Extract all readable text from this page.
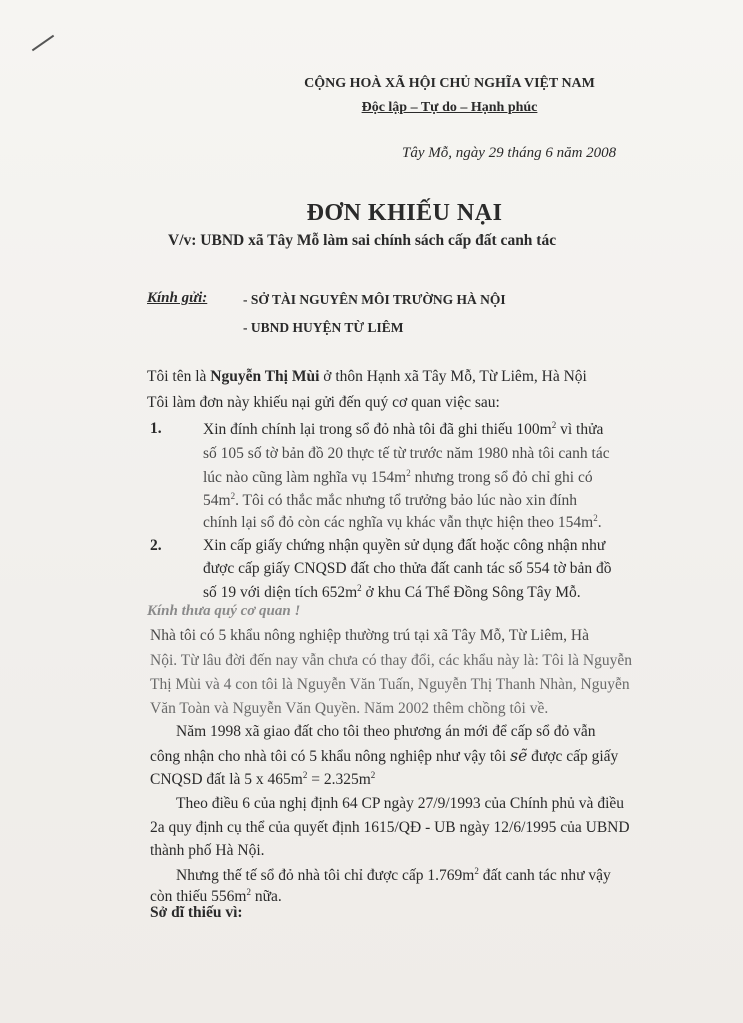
CỘNG HOÀ XÃ HỘI CHỦ NGHĨA VIỆT NAM
Độc lập – Tự do – Hạnh phúc
Tây Mỗ, ngày 29 tháng 6 năm 2008
ĐƠN KHIẾU NẠI
V/v: UBND xã Tây Mỗ làm sai chính sách cấp đất canh tác
Kính gửi:	- SỞ TÀI NGUYÊN MÔI TRƯỜNG HÀ NỘI
- UBND HUYỆN TỪ LIÊM
Tôi tên là Nguyễn Thị Mùi ở thôn Hạnh xã Tây Mỗ, Từ Liêm, Hà Nội
Tôi làm đơn này khiếu nại gửi đến quý cơ quan việc sau:
1.	Xin đính chính lại trong sổ đỏ nhà tôi đã ghi thiếu $100m^2$ vì thửa
số 105 số tờ bản đồ 20 thực tế từ trước năm 1980 nhà tôi canh tác
lúc nào cũng làm nghĩa vụ $154m^2$ nhưng trong sổ đỏ chỉ ghi có
$54m^2$. Tôi có thắc mắc nhưng tổ trưởng bảo lúc nào xin đính
chính lại sổ đỏ còn các nghĩa vụ khác vẫn thực hiện theo $154m^2$.
2.	Xin cấp giấy chứng nhận quyền sử dụng đất hoặc công nhận như
được cấp giấy CNQSD đất cho thửa đất canh tác số 554 tờ bản đồ
số 19 với diện tích $652m^2$ ở khu Cá Thể Đồng Sông Tây Mỗ.
Kính thưa quý cơ quan !
Nhà tôi có 5 khẩu nông nghiệp thường trú tại xã Tây Mỗ, Từ Liêm, Hà
Nội. Từ lâu đời đến nay vẫn chưa có thay đổi, các khẩu này là: Tôi là Nguyễn
Thị Mùi và 4 con tôi là Nguyễn Văn Tuấn, Nguyễn Thị Thanh Nhàn, Nguyễn
Văn Toàn và Nguyễn Văn Quyền. Năm 2002 thêm chồng tôi về.
Năm 1998 xã giao đất cho tôi theo phương án mới để cấp sổ đỏ vẫn
công nhận cho nhà tôi có 5 khẩu nông nghiệp như vậy tôi sẽ được cấp giấy
CNQSD đất là 5 x $465m^2 = 2.325m^2$
Theo điều 6 của nghị định 64 CP ngày 27/9/1993 của Chính phủ và điều
2a quy định cụ thể của quyết định 1615/QĐ - UB ngày 12/6/1995 của UBND
thành phố Hà Nội.
Nhưng thế tế sổ đỏ nhà tôi chỉ được cấp $1.769m^2$ đất canh tác như vậy
còn thiếu $556m^2$ nữa.
Sở dĩ thiếu vì:
